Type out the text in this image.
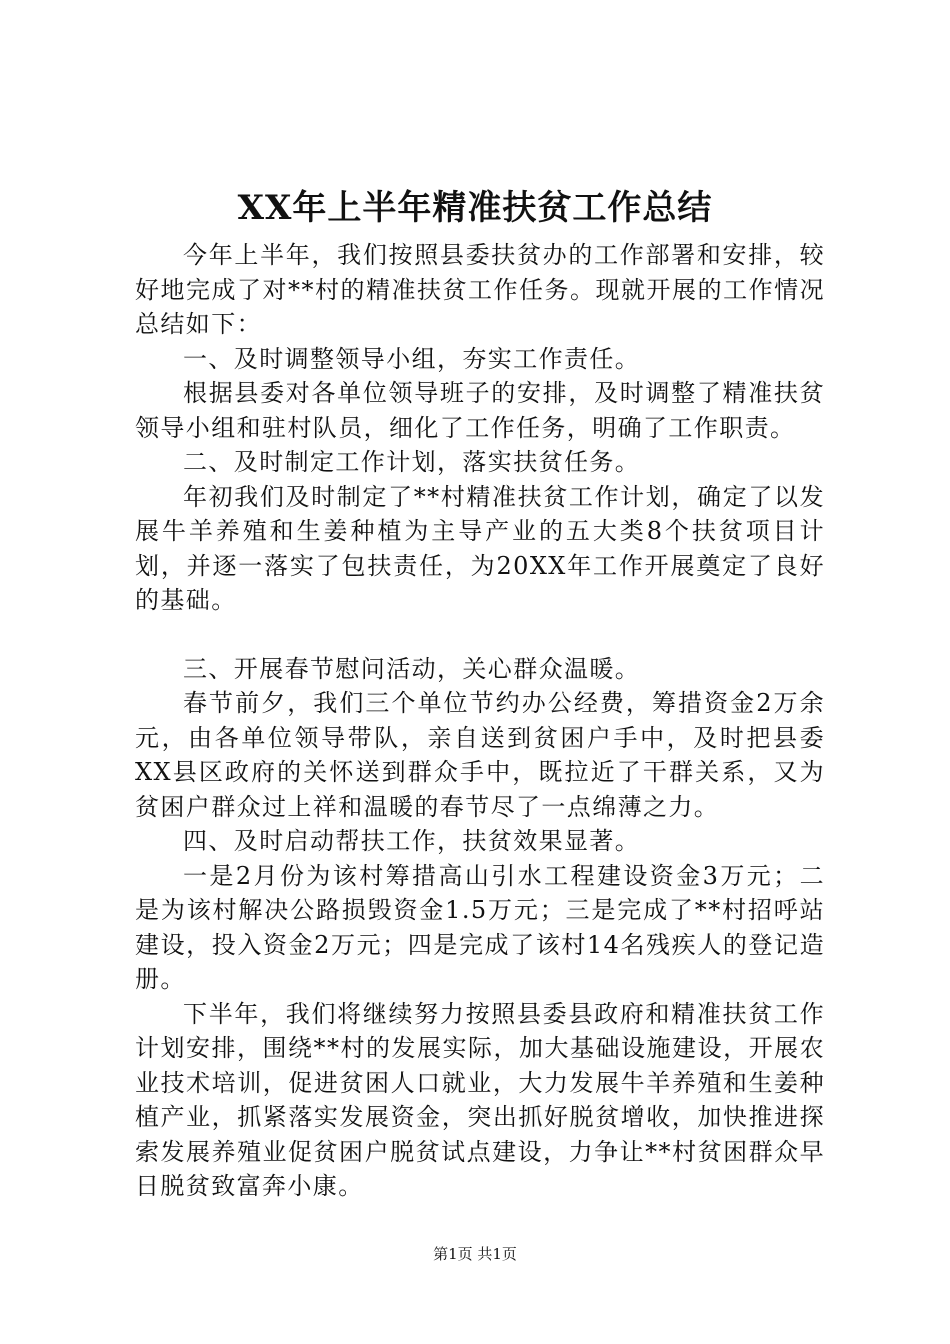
XX年上半年精准扶贫工作总结

今年上半年，我们按照县委扶贫办的工作部署和安排，较好地完成了对**村的精准扶贫工作任务。现就开展的工作情况总结如下：

一、及时调整领导小组，夯实工作责任。

根据县委对各单位领导班子的安排，及时调整了精准扶贫领导小组和驻村队员，细化了工作任务，明确了工作职责。

二、及时制定工作计划，落实扶贫任务。

年初我们及时制定了**村精准扶贫工作计划，确定了以发展牛羊养殖和生姜种植为主导产业的五大类8个扶贫项目计划，并逐一落实了包扶责任，为20XX年工作开展奠定了良好的基础。

三、开展春节慰问活动，关心群众温暖。

春节前夕，我们三个单位节约办公经费，筹措资金2万余元，由各单位领导带队，亲自送到贫困户手中，及时把县委XX县区政府的关怀送到群众手中，既拉近了干群关系，又为贫困户群众过上祥和温暖的春节尽了一点绵薄之力。

四、及时启动帮扶工作，扶贫效果显著。

一是2月份为该村筹措高山引水工程建设资金3万元；二是为该村解决公路损毁资金1.5万元；三是完成了**村招呼站建设，投入资金2万元；四是完成了该村14名残疾人的登记造册。

下半年，我们将继续努力按照县委县政府和精准扶贫工作计划安排，围绕**村的发展实际，加大基础设施建设，开展农业技术培训，促进贫困人口就业，大力发展牛羊养殖和生姜种植产业，抓紧落实发展资金，突出抓好脱贫增收，加快推进探索发展养殖业促贫困户脱贫试点建设，力争让**村贫困群众早日脱贫致富奔小康。

第1页 共1页
